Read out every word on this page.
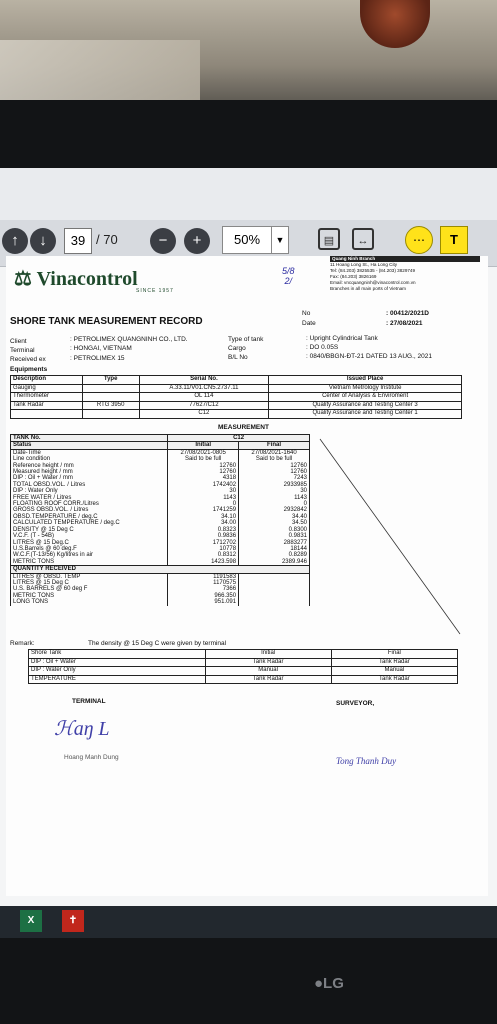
↑	↓	39 / 70	−	+	50%	▼	▤	↔	⋯	T
⚖ Vinacontrol
SINCE 1957
5/8
2/
Quang Ninh Branch
11 Hoang Long St., Ha Long City
Tel: (84.203) 3825535 - (84.203) 3829749
Fax: (84.203) 3826169
Email: vncquangninh@vinacontrol.com.vn
Branches in all main ports of Vietnam
SHORE TANK MEASUREMENT RECORD
No	: 00412/2021D
Date	: 27/08/2021
Client	: PETROLIMEX QUANGNINH CO., LTD.
Terminal	: HONGAI, VIETNAM
Received ex	: PETROLIMEX 15
Type of tank	: Upright Cylindrical Tank
Cargo	: DO 0.05S
B/L No	: 0840/BBGN-ĐT-21 DATED 13 AUG., 2021
Equipments
Description	Type	Serial No.	Issued Place
Gauging		A.33.11/V01.CN5.2737.11	Vietnam Metrology Institute
Thermometer		OL 114	Center of Analysis & Enviroment
Tank Radar	RTG 3950	77627/C12	Quality Assurance and Testing Center 3
		C12	Quality Assurance and Testing Center 1
MEASUREMENT
TANK No.	C12	
Status	Initial	Final
Date-Time	27/08/2021-0805	27/08/2021-1640
Line condition	Said to be full	Said to be full
Reference height / mm	12760	12760
Measured height / mm	12760	12760
DIP : Oil + Water / mm	4318	7243
TOTAL OBSD.VOL. / Litres	1742402	2933985
DIP : Water Only	30	30
FREE WATER / Litres	1143	1143
FLOATING ROOF CORR./Litres	0	0
GROSS OBSD.VOL. / Litres	1741259	2932842
OBSD.TEMPERATURE / deg.C	34.10	34.40
CALCULATED TEMPERATURE / deg.C	34.00	34.50
DENSITY @ 15 Deg C	0.8323	0.8300
V.C.F. (T - 54B)	0.9836	0.9831
LITRES @ 15 Deg.C	1712702	2883277
U.S.Barrels @ 60 deg.F	10778	18144
W.C.F.(T-13/56) Kg/litres in air	0.8312	0.8289
METRIC TONS	1423.598	2389.946
QUANTITY RECEIVED		
LITRES @ OBSD. TEMP	1191583	
LITRES @ 15 Deg C	1170575	
U.S. BARRELS @ 60 deg F	7366	
METRIC TONS	966.350	
LONG TONS	951.091	
Remark:	The density @ 15 Deg C were given by terminal
Shore Tank	Initial	Final
DIP : Oil + Water	Tank Radar	Tank Radar
DIP : Water Only	Manual	Manual
TEMPERATURE	Tank Radar	Tank Radar
TERMINAL	SURVEYOR,
ℋaŋ L
Hoang Manh Dung	Tong Thanh Duy
X	✝
●LG
